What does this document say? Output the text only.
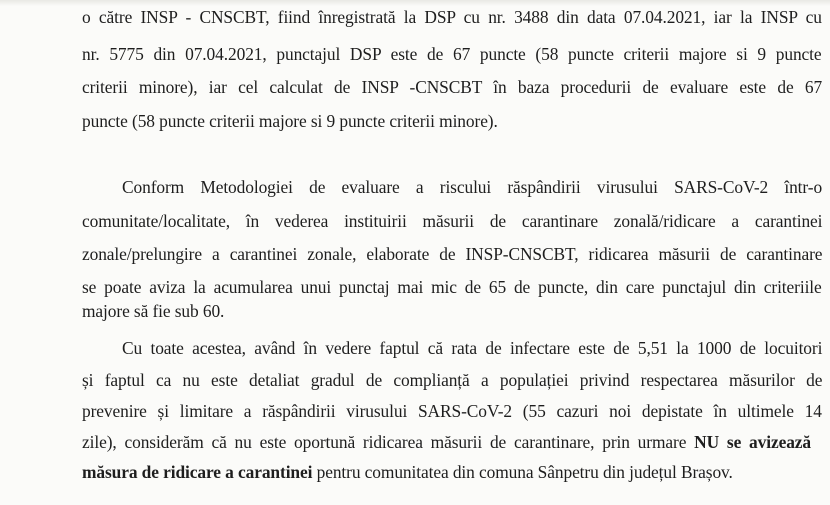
o către INSP - CNSCBT, fiind înregistrată la DSP cu nr. 3488 din data 07.04.2021, iar la INSP cu
nr. 5775 din 07.04.2021, punctajul DSP este de 67 puncte (58 puncte criterii majore si 9 puncte
criterii minore), iar cel calculat de INSP -CNSCBT în baza procedurii de evaluare este de 67
puncte (58 puncte criterii majore si 9 puncte criterii minore).
Conform Metodologiei de evaluare a riscului răspândirii virusului SARS-CoV-2 într-o
comunitate/localitate, în vederea instituirii măsurii de carantinare zonală/ridicare a carantinei
zonale/prelungire a carantinei zonale, elaborate de INSP-CNSCBT, ridicarea măsurii de carantinare
se poate aviza la acumularea unui punctaj mai mic de 65 de puncte, din care punctajul din criteriile
majore să fie sub 60.
Cu toate acestea, având în vedere faptul că rata de infectare este de 5,51 la 1000 de locuitori
și faptul ca nu este detaliat gradul de complianță a populației privind respectarea măsurilor de
prevenire și limitare a răspândirii virusului SARS-CoV-2 (55 cazuri noi depistate în ultimele 14
zile), considerăm că nu este oportună ridicarea măsurii de carantinare, prin urmare NU se avizează
măsura de ridicare a carantinei pentru comunitatea din comuna Sânpetru din județul Brașov.
